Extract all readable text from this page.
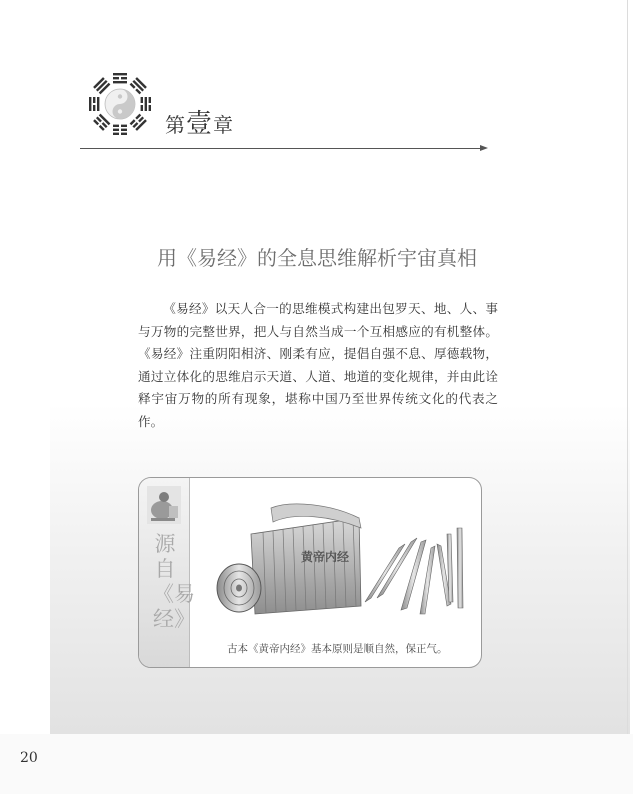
第壹章
用《易经》的全息思维解析宇宙真相

《易经》以天人合一的思维模式构建出包罗天、地、人、事与万物的完整世界，把人与自然当成一个互相感应的有机整体。《易经》注重阴阳相济、刚柔有应，提倡自强不息、厚德载物，通过立体化的思维启示天道、人道、地道的变化规律，并由此诠释宇宙万物的所有现象，堪称中国乃至世界传统文化的代表之作。

源自《易经》
黄帝内经
古本《黄帝内经》基本原则是顺自然，保正气。
20
